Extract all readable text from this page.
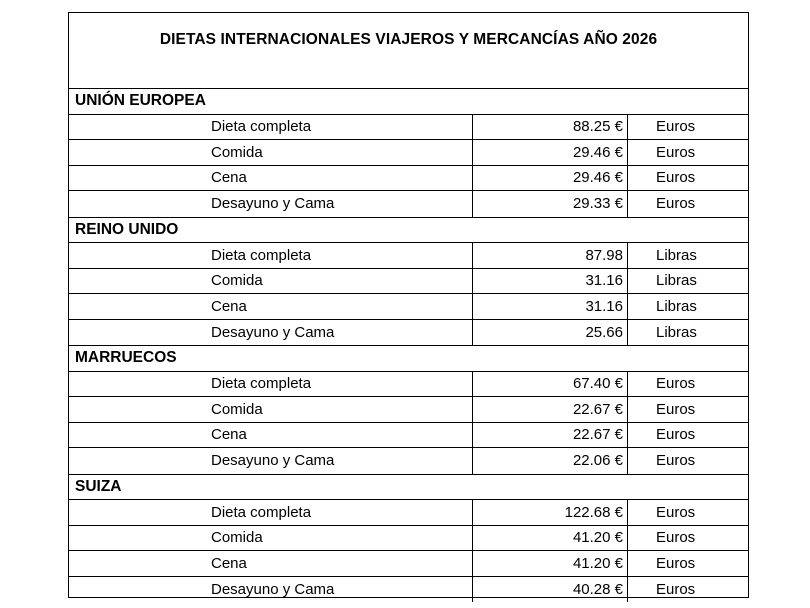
DIETAS INTERNACIONALES VIAJEROS Y MERCANCÍAS AÑO 2026
UNIÓN EUROPEA
Dieta completa	88.25 €	Euros
Comida	29.46 €	Euros
Cena	29.46 €	Euros
Desayuno y Cama	29.33 €	Euros
REINO UNIDO
Dieta completa	87.98	Libras
Comida	31.16	Libras
Cena	31.16	Libras
Desayuno y Cama	25.66	Libras
MARRUECOS
Dieta completa	67.40 €	Euros
Comida	22.67 €	Euros
Cena	22.67 €	Euros
Desayuno y Cama	22.06 €	Euros
SUIZA
Dieta completa	122.68 €	Euros
Comida	41.20 €	Euros
Cena	41.20 €	Euros
Desayuno y Cama	40.28 €	Euros
